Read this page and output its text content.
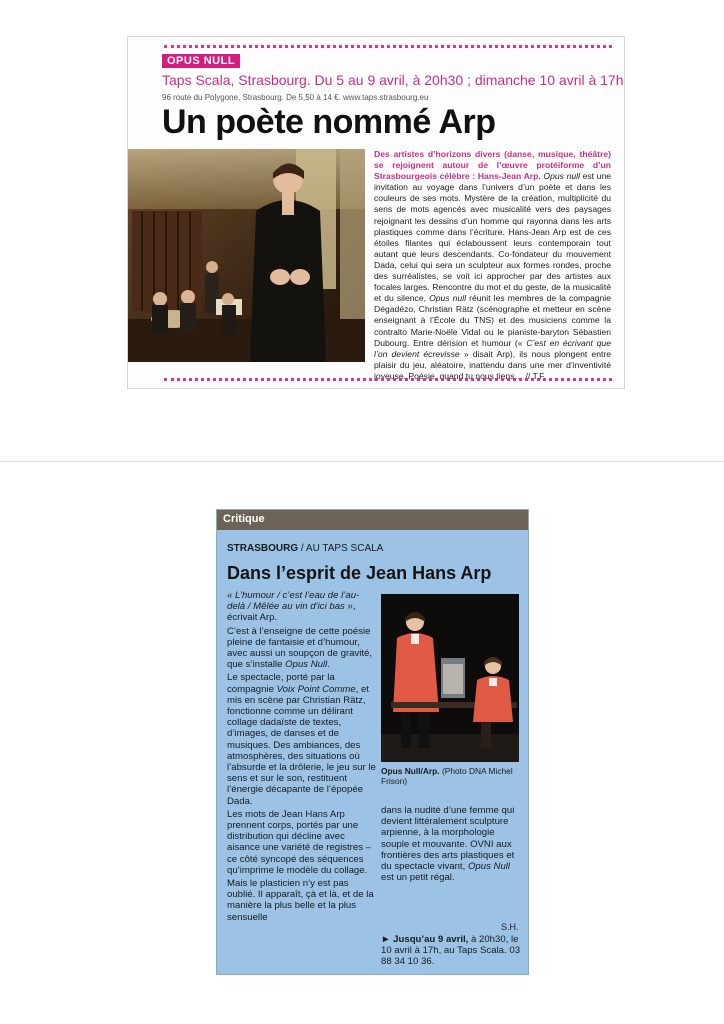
OPUS NULL
Taps Scala, Strasbourg. Du 5 au 9 avril, à 20h30 ; dimanche 10 avril à 17h
96 route du Polygone, Strasbourg. De 5,50 à 14 €. www.taps.strasbourg.eu
Un poète nommé Arp
Des artistes d’horizons divers (danse, musique, théâtre) se rejoignent autour de l’œuvre protéiforme d’un Strasbourgeois célèbre : Hans-Jean Arp. Opus null est une invitation au voyage dans l’univers d’un poète et dans les couleurs de ses mots. Mystère de la création, multiplicité du sens de mots agencés avec musicalité vers des paysages rejoignant les dessins d’un homme qui rayonna dans les arts plastiques comme dans l’écriture. Hans-Jean Arp est de ces étoiles filantes qui éclaboussent leurs contemporain tout autant que leurs descendants. Co-fondateur du mouvement Dada, celui qui sera un sculpteur aux formes rondes, proche des surréalistes, se voit ici approcher par des artistes aux focales larges. Rencontre du mot et du geste, de la musicalité et du silence, Opus null réunit les membres de la compagnie Dégadézo, Christian Rätz (scénographe et metteur en scène enseignant à l’École du TNS) et des musiciens comme la contralto Marie-Noële Vidal ou le pianiste-baryton Sébastien Dubourg. Entre dérision et humour (« C’est en écrivant que l’on devient écrevisse » disait Arp), ils nous plongent entre plaisir du jeu, aléatoire, inattendu dans une mer d’inventivité joyeuse. Poésie, quand tu nous tiens… // T.F.
Critique
STRASBOURG / AU TAPS SCALA
Dans l’esprit de Jean Hans Arp

« L’humour / c’est l’eau de l’au-delà / Mêlée au vin d’ici bas », écrivait Arp.

C’est à l’enseigne de cette poésie pleine de fantaisie et d’humour, avec aussi un soupçon de gravité, que s’installe Opus Null.

Le spectacle, porté par la compagnie Voix Point Comme, et mis en scène par Christian Rätz, fonctionne comme un délirant collage dadaïste de textes, d’images, de danses et de musiques. Des ambiances, des atmosphères, des situations où l’absurde et la drôlerie, le jeu sur le sens et sur le son, restituent l’énergie décapante de l’épopée Dada.

Les mots de Jean Hans Arp prennent corps, portés par une distribution qui décline avec aisance une variété de registres – ce côté syncopé des séquences qu’imprime le modèle du collage.

Mais le plasticien n’y est pas oublié. Il apparaît, çà et là, et de la manière la plus belle et la plus sensuelle

Opus Null/Arp. (Photo DNA Michel Frison)

dans la nudité d’une femme qui devient littéralement sculpture arpienne, à la morphologie souple et mouvante. OVNI aux frontières des arts plastiques et du spectacle vivant, Opus Null est un petit régal.

S.H.
► Jusqu’au 9 avril, à 20h30, le 10 avril à 17h, au Taps Scala. 03 88 34 10 36.
